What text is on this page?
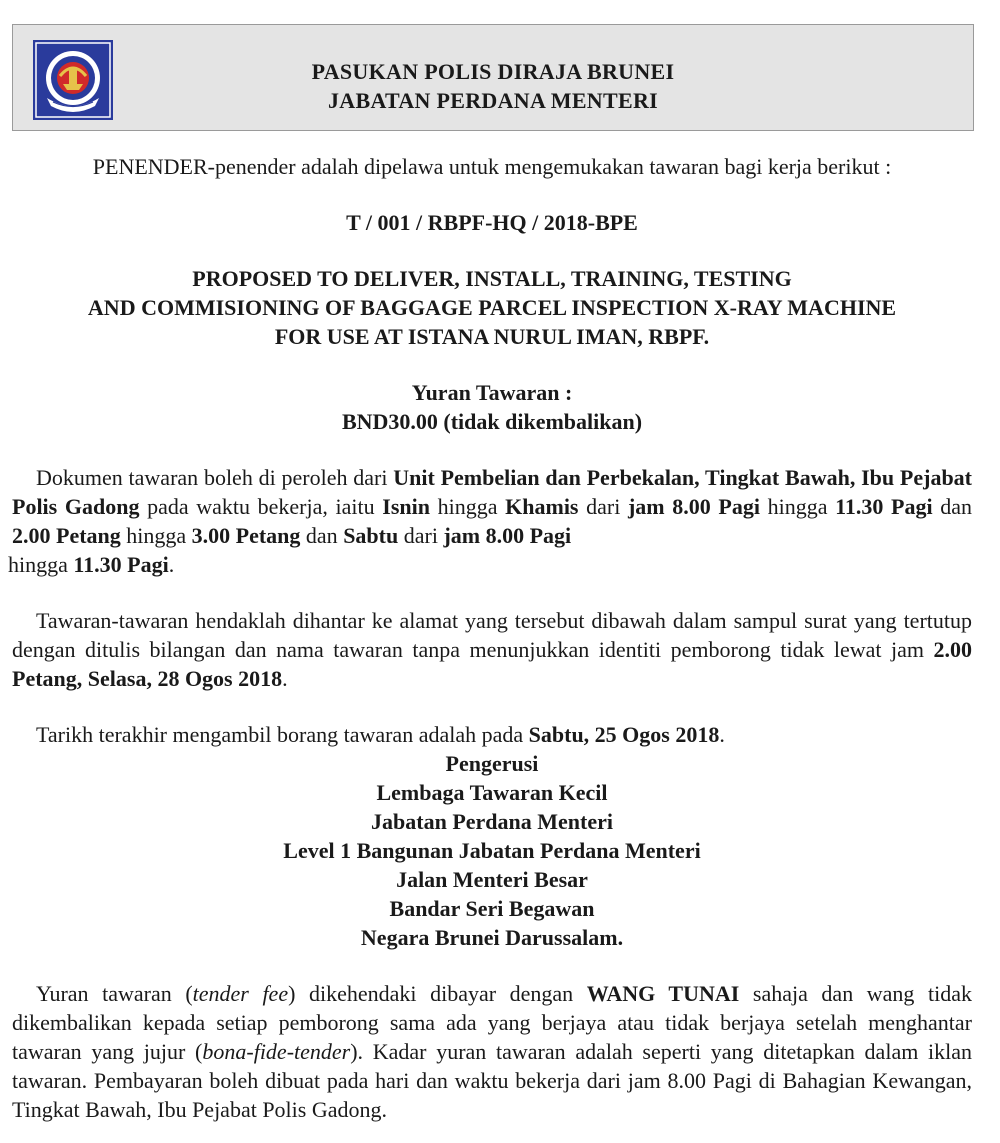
PASUKAN POLIS DIRAJA BRUNEI
JABATAN PERDANA MENTERI

PENENDER-penender adalah dipelawa untuk mengemukakan tawaran bagi kerja berikut :

T / 001 / RBPF-HQ / 2018-BPE

PROPOSED TO DELIVER, INSTALL, TRAINING, TESTING
AND COMMISIONING OF BAGGAGE PARCEL INSPECTION X-RAY MACHINE
FOR USE AT ISTANA NURUL IMAN, RBPF.

Yuran Tawaran :
BND30.00 (tidak dikembalikan)

Dokumen tawaran boleh di peroleh dari Unit Pembelian dan Perbekalan, Tingkat Bawah, Ibu Pejabat Polis Gadong pada waktu bekerja, iaitu Isnin hingga Khamis dari jam 8.00 Pagi hingga 11.30 Pagi dan 2.00 Petang hingga 3.00 Petang dan Sabtu dari jam 8.00 Pagi
hingga 11.30 Pagi.

Tawaran-tawaran hendaklah dihantar ke alamat yang tersebut dibawah dalam sampul surat yang tertutup dengan ditulis bilangan dan nama tawaran tanpa menunjukkan identiti pemborong tidak lewat jam 2.00 Petang, Selasa, 28 Ogos 2018.

Tarikh terakhir mengambil borang tawaran adalah pada Sabtu, 25 Ogos 2018.

Pengerusi
Lembaga Tawaran Kecil
Jabatan Perdana Menteri
Level 1 Bangunan Jabatan Perdana Menteri
Jalan Menteri Besar
Bandar Seri Begawan
Negara Brunei Darussalam.

Yuran tawaran (tender fee) dikehendaki dibayar dengan WANG TUNAI sahaja dan wang tidak dikembalikan kepada setiap pemborong sama ada yang berjaya atau tidak berjaya setelah menghantar tawaran yang jujur (bona-fide-tender). Kadar yuran tawaran adalah seperti yang ditetapkan dalam iklan tawaran. Pembayaran boleh dibuat pada hari dan waktu bekerja dari jam 8.00 Pagi di Bahagian Kewangan, Tingkat Bawah, Ibu Pejabat Polis Gadong.
